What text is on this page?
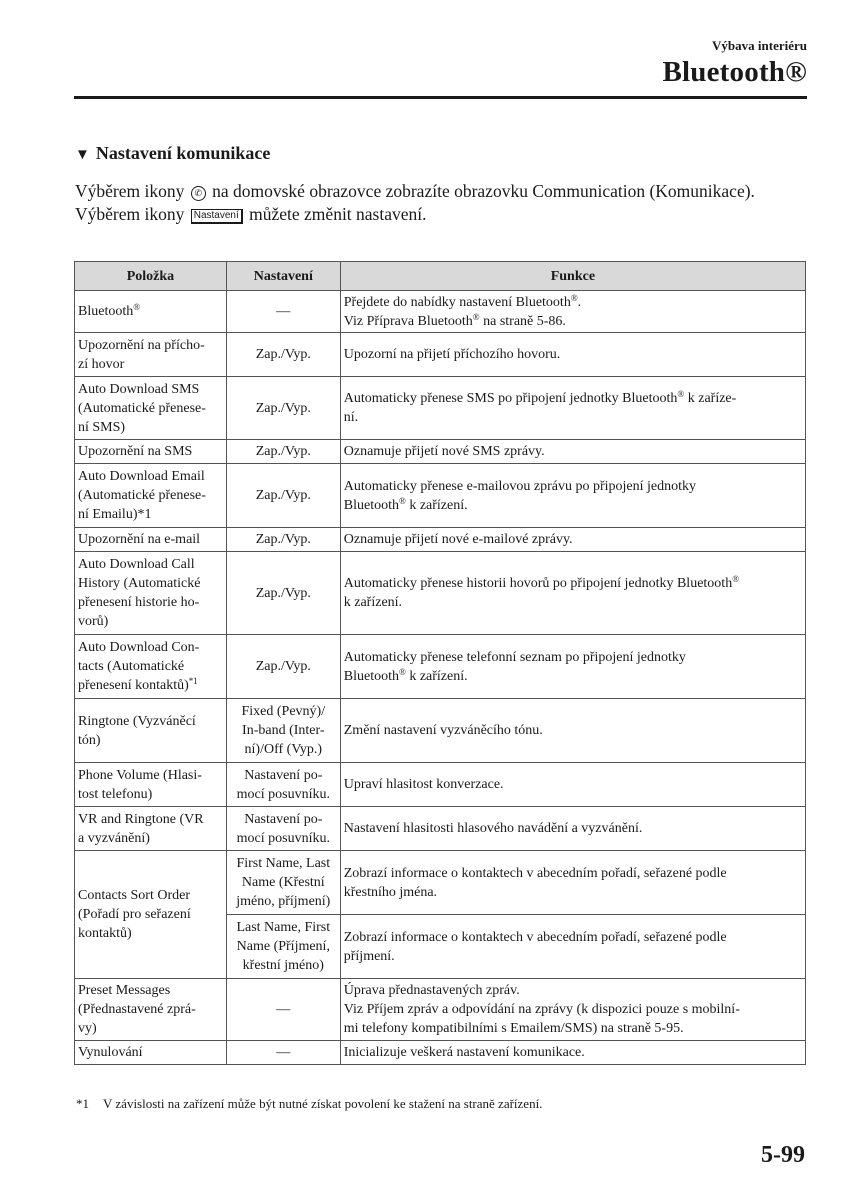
Výbava interiéru
Bluetooth®
▼ Nastavení komunikace

Výběrem ikony ✆ na domovské obrazovce zobrazíte obrazovku Communication (Komunikace).

Výběrem ikony Nastavení můžete změnit nastavení.

Položka	Nastavení	Funkce
Bluetooth®	—	Přejdete do nabídky nastavení Bluetooth®.
Viz Příprava Bluetooth® na straně 5-86.
Upozornění na přícho-
zí hovor	Zap./Vyp.	Upozorní na přijetí příchozího hovoru.
Auto Download SMS
(Automatické přenese-
ní SMS)	Zap./Vyp.	Automaticky přenese SMS po připojení jednotky Bluetooth® k zaříze-
ní.
Upozornění na SMS	Zap./Vyp.	Oznamuje přijetí nové SMS zprávy.
Auto Download Email
(Automatické přenese-
ní Emailu)*1	Zap./Vyp.	Automaticky přenese e-mailovou zprávu po připojení jednotky
Bluetooth® k zařízení.
Upozornění na e-mail	Zap./Vyp.	Oznamuje přijetí nové e-mailové zprávy.
Auto Download Call
History (Automatické
přenesení historie ho-
vorů)	Zap./Vyp.	Automaticky přenese historii hovorů po připojení jednotky Bluetooth®
k zařízení.
Auto Download Con-
tacts (Automatické
přenesení kontaktů)$^{*1}$	Zap./Vyp.	Automaticky přenese telefonní seznam po připojení jednotky
Bluetooth® k zařízení.
Ringtone (Vyzváněcí
tón)	Fixed (Pevný)/
In-band (Inter-
ní)/Off (Vyp.)	Změní nastavení vyzváněcího tónu.
Phone Volume (Hlasi-
tost telefonu)	Nastavení po-
mocí posuvníku.	Upraví hlasitost konverzace.
VR and Ringtone (VR
a vyzvánění)	Nastavení po-
mocí posuvníku.	Nastavení hlasitosti hlasového navádění a vyzvánění.
Contacts Sort Order
(Pořadí pro seřazení
kontaktů)	First Name, Last
Name (Křestní
jméno, příjmení)	Zobrazí informace o kontaktech v abecedním pořadí, seřazené podle
křestního jména.
	Last Name, First
Name (Příjmení,
křestní jméno)	Zobrazí informace o kontaktech v abecedním pořadí, seřazené podle
příjmení.
Preset Messages
(Přednastavené zprá-
vy)	—	Úprava přednastavených zpráv.
Viz Příjem zpráv a odpovídání na zprávy (k dispozici pouze s mobilní-
mi telefony kompatibilními s Emailem/SMS) na straně 5-95.
Vynulování	—	Inicializuje veškerá nastavení komunikace.
*1 V závislosti na zařízení může být nutné získat povolení ke stažení na straně zařízení.
5-99
